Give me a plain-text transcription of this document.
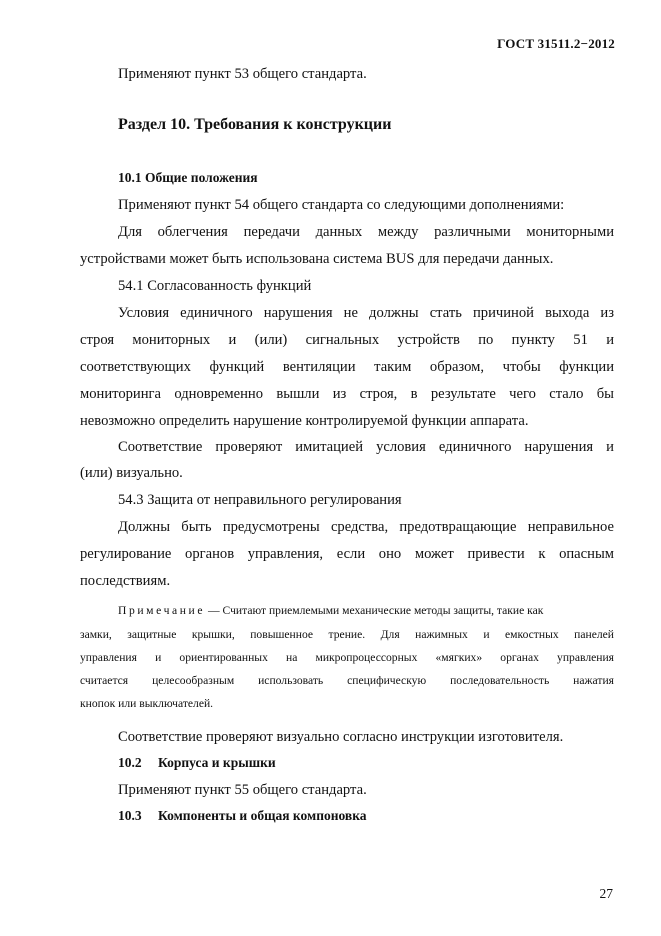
ГОСТ 31511.2−2012
Применяют пункт 53 общего стандарта.
Раздел 10. Требования к конструкции
10.1 Общие положения
Применяют пункт 54 общего стандарта со следующими дополнениями:
Для облегчения передачи данных между различными мониторными
устройствами может быть использована система BUS для передачи данных.
54.1 Согласованность функций
Условия единичного нарушения не должны стать причиной выхода из
строя мониторных и (или) сигнальных устройств по пункту 51 и
соответствующих функций вентиляции таким образом, чтобы функции
мониторинга одновременно вышли из строя, в результате чего стало бы
невозможно определить нарушение контролируемой функции аппарата.
Соответствие проверяют имитацией условия единичного нарушения и
(или) визуально.
54.3 Защита от неправильного регулирования
Должны быть предусмотрены средства, предотвращающие неправильное
регулирование органов управления, если оно может привести к опасным
последствиям.
Примечание — Считают приемлемыми механические методы защиты, такие как
замки, защитные крышки, повышенное трение. Для нажимных и емкостных панелей
управления и ориентированных на микропроцессорных «мягких» органах управления
считается целесообразным использовать специфическую последовательность нажатия
кнопок или выключателей.
Соответствие проверяют визуально согласно инструкции изготовителя.
10.2 Корпуса и крышки
Применяют пункт 55 общего стандарта.
10.3 Компоненты и общая компоновка
27
